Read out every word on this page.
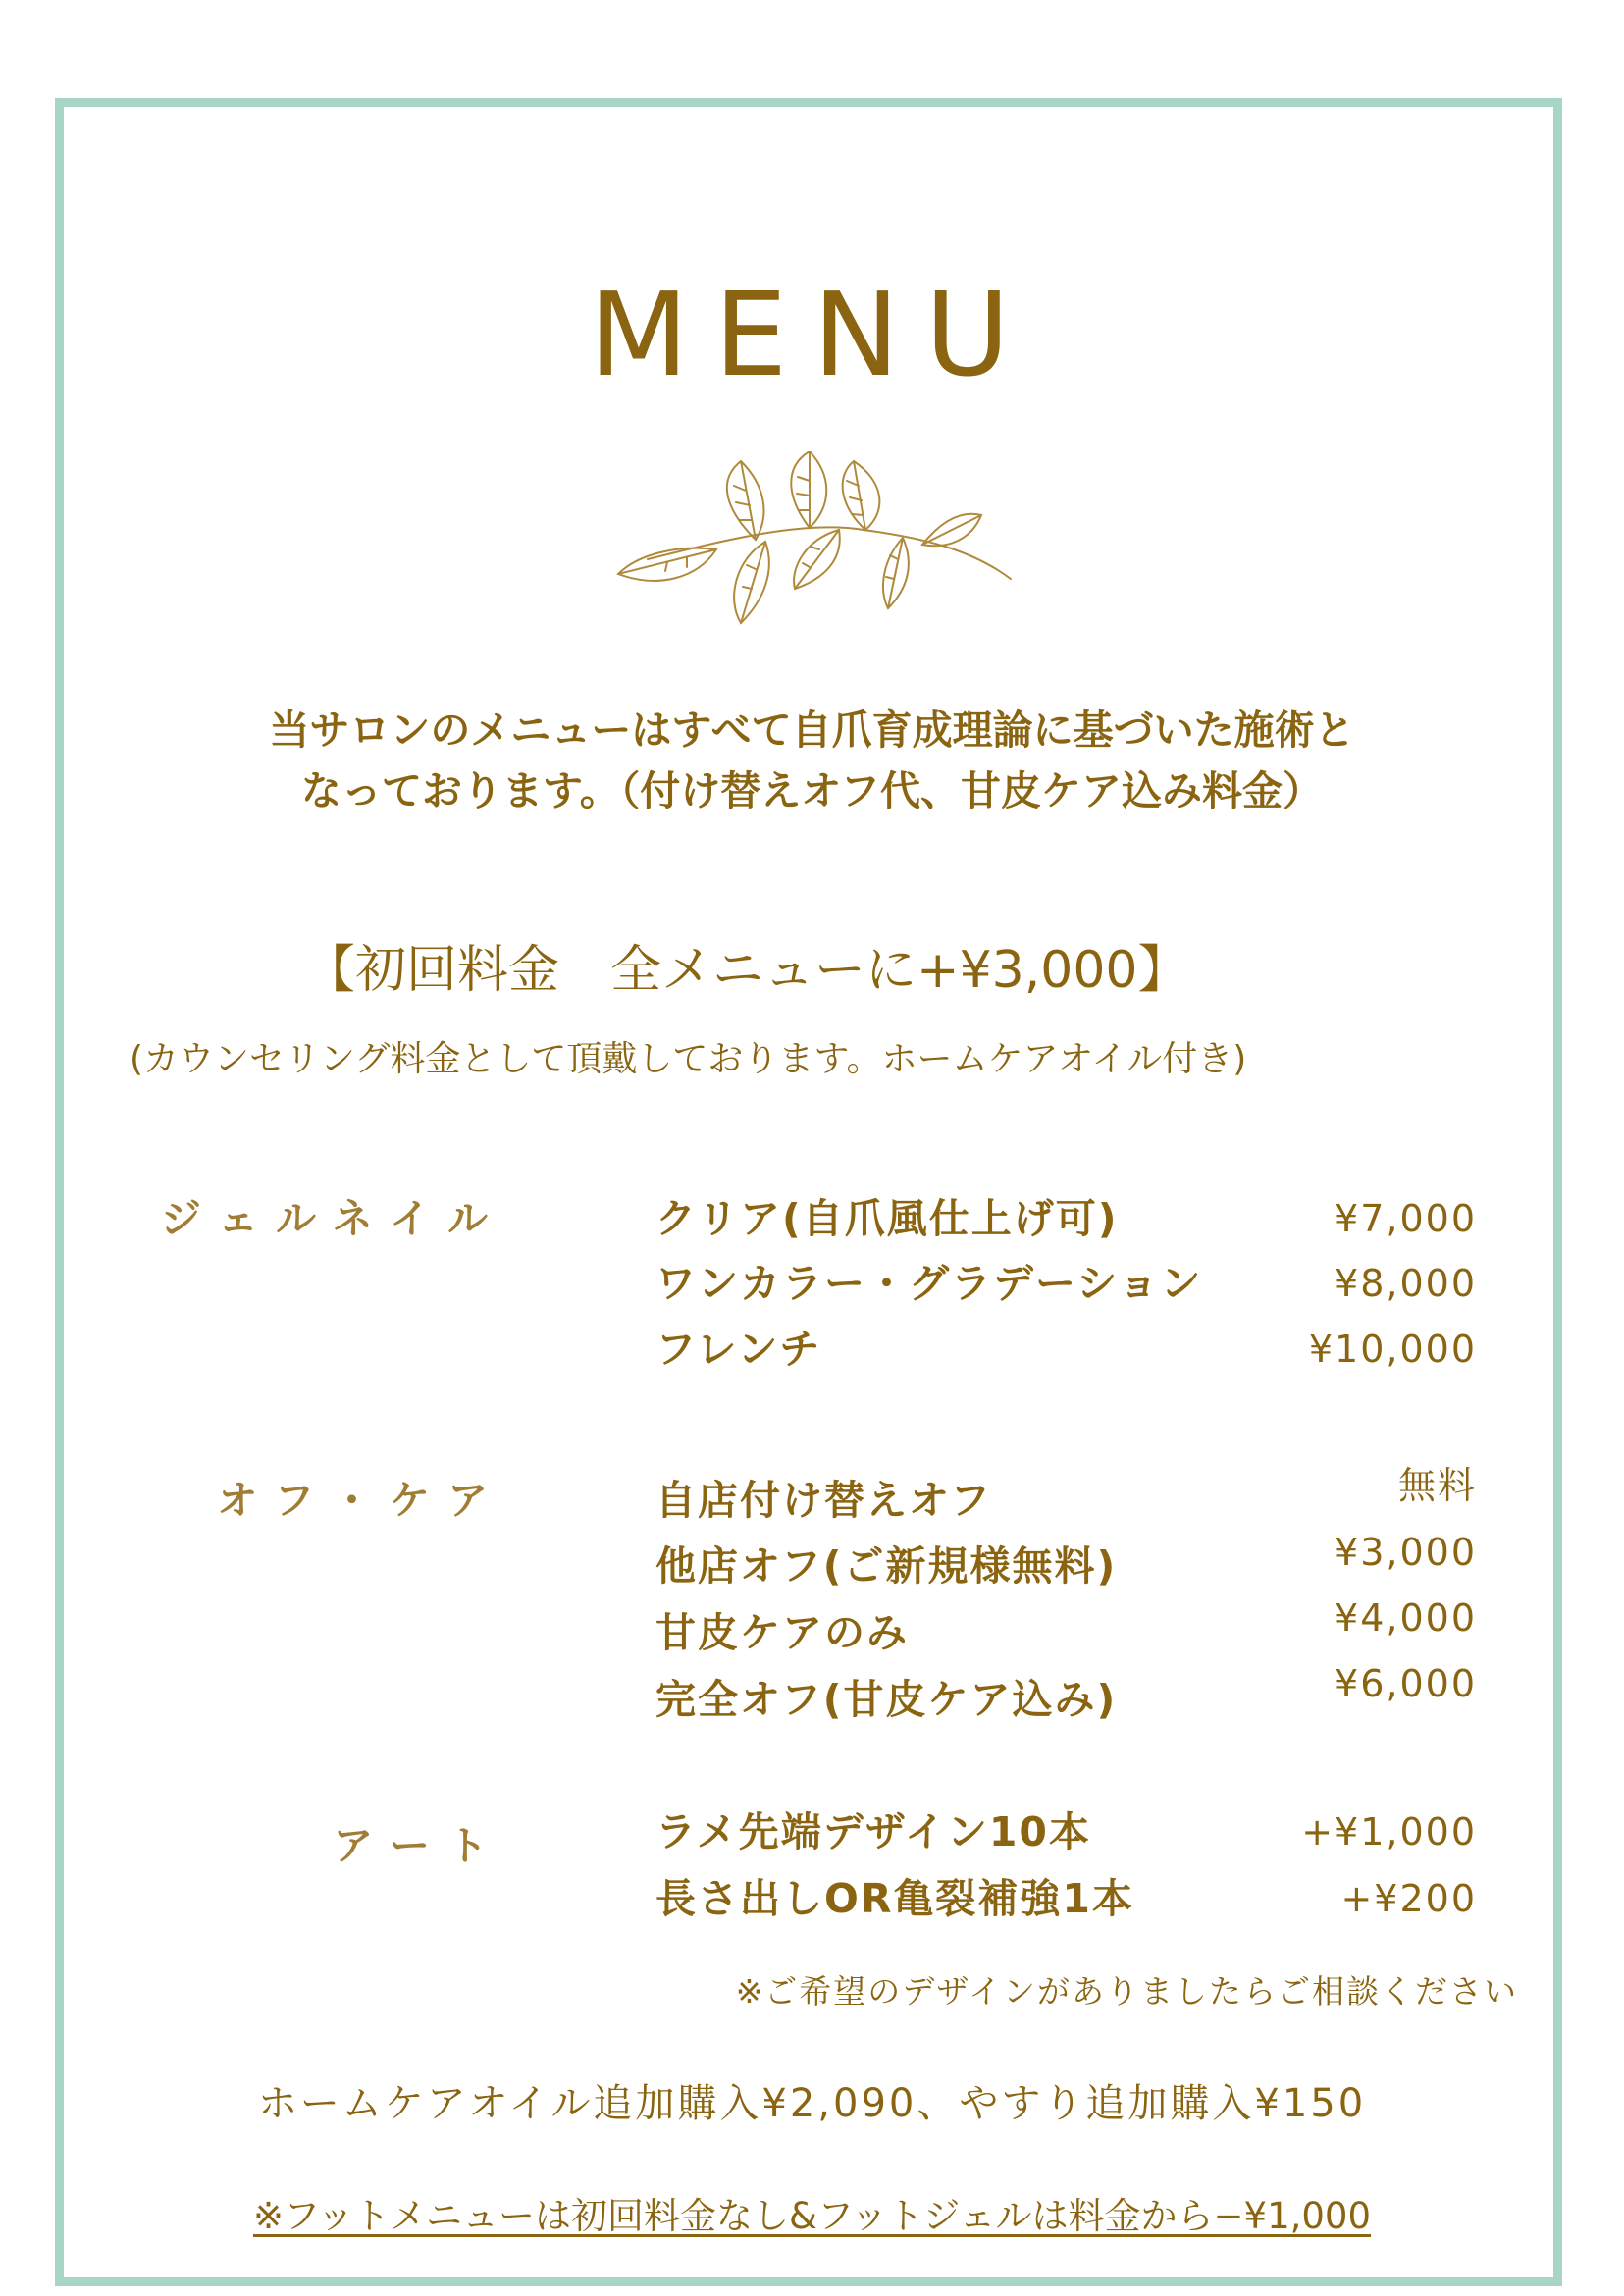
MENU
当サロンのメニューはすべて自爪育成理論に基づいた施術と
なっております。（付け替えオフ代、甘皮ケア込み料金）
【初回料金　全メニューに+¥3,000】
(カウンセリング料金として頂戴しております。ホームケアオイル付き)
ジェルネイル	クリア(自爪風仕上げ可)	¥7,000
ワンカラー・グラデーション	¥8,000
フレンチ	¥10,000
オフ・ケア	自店付け替えオフ	無料
他店オフ(ご新規様無料)	¥3,000
甘皮ケアのみ	¥4,000
完全オフ(甘皮ケア込み)	¥6,000
アート	ラメ先端デザイン10本	+¥1,000
長さ出しOR亀裂補強1本	+¥200
※ご希望のデザインがありましたらご相談ください
ホームケアオイル追加購入¥2,090、やすり追加購入¥150
※フットメニューは初回料金なし&フットジェルは料金から−¥1,000
